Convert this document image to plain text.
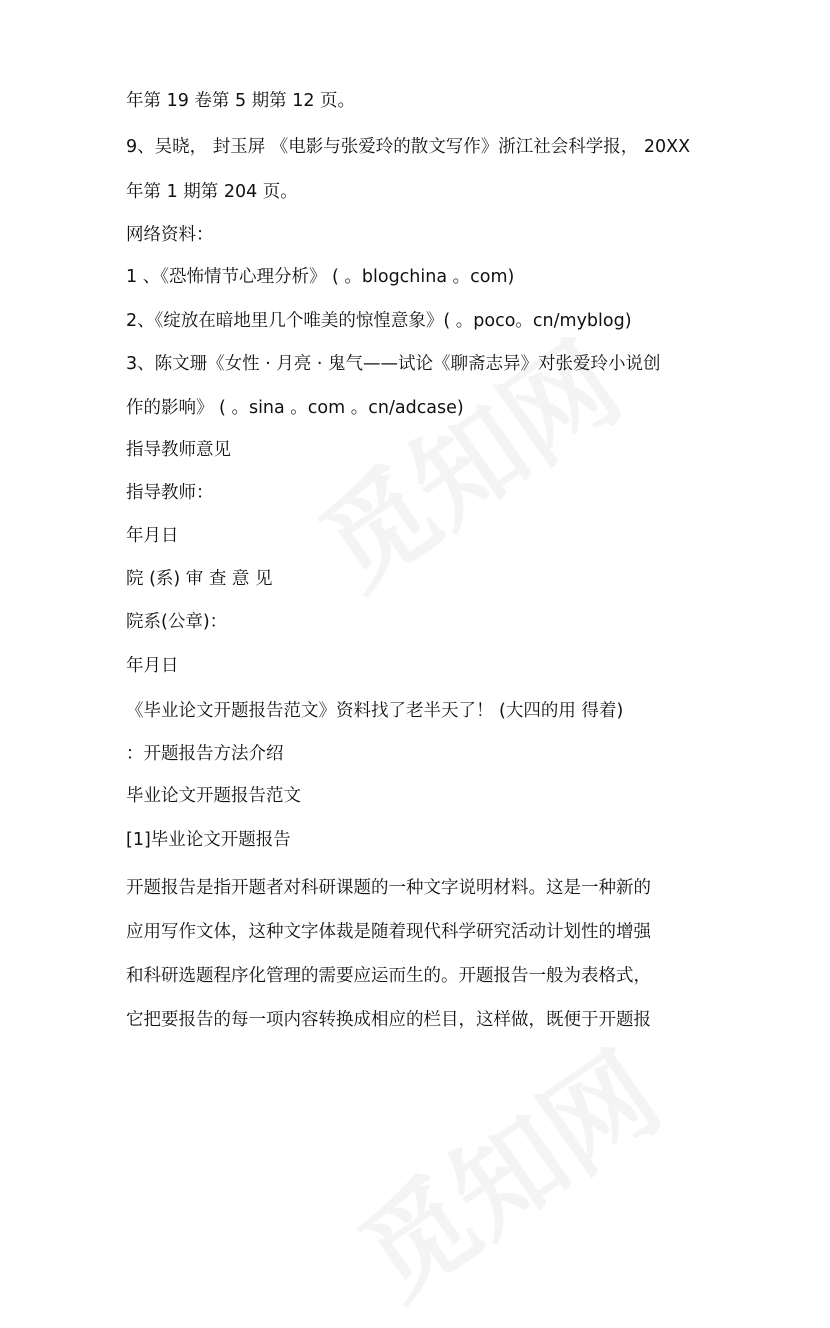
年第 19 卷第 5 期第 12 页。
9、吴晓， 封玉屏 《电影与张爱玲的散文写作》浙江社会科学报， 20XX
年第 1 期第 204 页。
网络资料：
1 、《恐怖情节心理分析》 ( 。blogchina 。com)
2、《绽放在暗地里几个唯美的惊惶意象》( 。poco。cn/myblog)
3、陈文珊《女性 · 月亮 · 鬼气——试论《聊斋志异》对张爱玲小说创
作的影响》 ( 。sina 。com 。cn/adcase)
指导教师意见
指导教师：
年月日
院 (系) 审 查 意 见
院系(公章)：
年月日
《毕业论文开题报告范文》资料找了老半天了！ (大四的用 得着)
：开题报告方法介绍
毕业论文开题报告范文
[1]毕业论文开题报告
开题报告是指开题者对科研课题的一种文字说明材料。这是一种新的
应用写作文体，这种文字体裁是随着现代科学研究活动计划性的增强
和科研选题程序化管理的需要应运而生的。开题报告一般为表格式，
它把要报告的每一项内容转换成相应的栏目，这样做，既便于开题报
